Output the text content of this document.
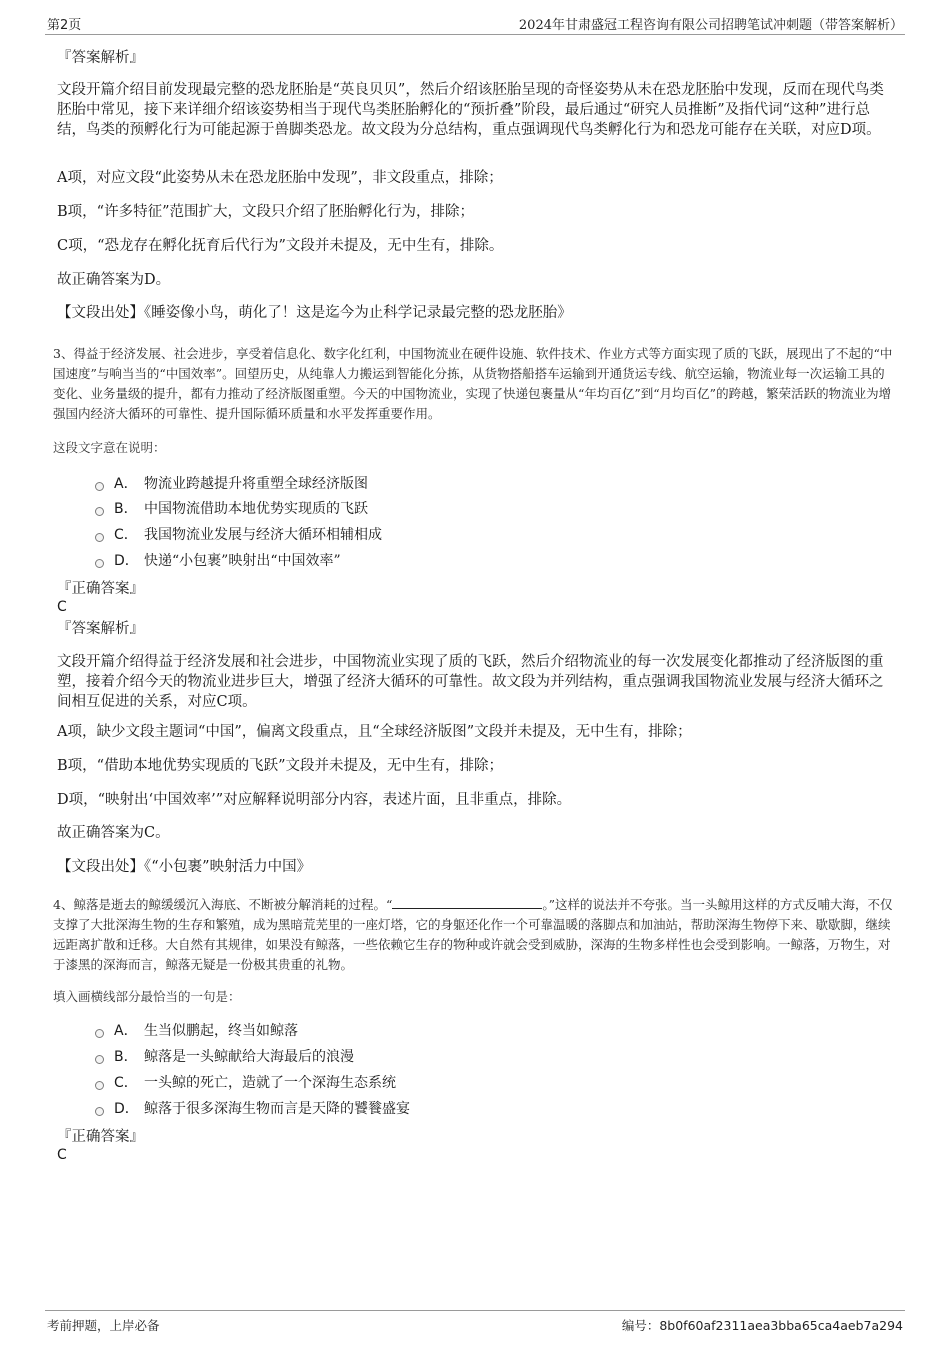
第2页	2024年甘肃盛冠工程咨询有限公司招聘笔试冲刺题（带答案解析）
『答案解析』
文段开篇介绍目前发现最完整的恐龙胚胎是“英良贝贝”，然后介绍该胚胎呈现的奇怪姿势从未在恐龙胚胎中发现，反而在现代鸟类胚胎中常见，接下来详细介绍该姿势相当于现代鸟类胚胎孵化的“预折叠”阶段，最后通过“研究人员推断”及指代词“这种”进行总结，鸟类的预孵化行为可能起源于兽脚类恐龙。故文段为分总结构，重点强调现代鸟类孵化行为和恐龙可能存在关联，对应D项。
A项，对应文段“此姿势从未在恐龙胚胎中发现”，非文段重点，排除；
B项，“许多特征”范围扩大，文段只介绍了胚胎孵化行为，排除；
C项，“恐龙存在孵化抚育后代行为”文段并未提及，无中生有，排除。
故正确答案为D。
【文段出处】《睡姿像小鸟，萌化了！这是迄今为止科学记录最完整的恐龙胚胎》
3、得益于经济发展、社会进步，享受着信息化、数字化红利，中国物流业在硬件设施、软件技术、作业方式等方面实现了质的飞跃，展现出了不起的“中国速度”与响当当的“中国效率”。回望历史，从纯靠人力搬运到智能化分拣，从货物搭船搭车运输到开通货运专线、航空运输，物流业每一次运输工具的变化、业务量级的提升，都有力推动了经济版图重塑。今天的中国物流业，实现了快递包裹量从“年均百亿”到“月均百亿”的跨越，繁荣活跃的物流业为增强国内经济大循环的可靠性、提升国际循环质量和水平发挥重要作用。
这段文字意在说明：
A． 物流业跨越提升将重塑全球经济版图
B． 中国物流借助本地优势实现质的飞跃
C． 我国物流业发展与经济大循环相辅相成
D． 快递“小包裹”映射出“中国效率”
『正确答案』
C
『答案解析』
文段开篇介绍得益于经济发展和社会进步，中国物流业实现了质的飞跃，然后介绍物流业的每一次发展变化都推动了经济版图的重塑，接着介绍今天的物流业进步巨大，增强了经济大循环的可靠性。故文段为并列结构，重点强调我国物流业发展与经济大循环之间相互促进的关系，对应C项。
A项，缺少文段主题词“中国”，偏离文段重点，且“全球经济版图”文段并未提及，无中生有，排除；
B项，“借助本地优势实现质的飞跃”文段并未提及，无中生有，排除；
D项，“映射出‘中国效率’”对应解释说明部分内容，表述片面，且非重点，排除。
故正确答案为C。
【文段出处】《“小包裹”映射活力中国》
4、鲸落是逝去的鲸缓缓沉入海底、不断被分解消耗的过程。“	。”这样的说法并不夸张。当一头鲸用这样的方式反哺大海，不仅支撑了大批深海生物的生存和繁殖，成为黑暗荒芜里的一座灯塔，它的身躯还化作一个可靠温暖的落脚点和加油站，帮助深海生物停下来、歇歇脚，继续远距离扩散和迁移。大自然有其规律，如果没有鲸落，一些依赖它生存的物种或许就会受到威胁，深海的生物多样性也会受到影响。一鲸落，万物生，对于漆黑的深海而言，鲸落无疑是一份极其贵重的礼物。
填入画横线部分最恰当的一句是：
A． 生当似鹏起，终当如鲸落
B． 鲸落是一头鲸献给大海最后的浪漫
C． 一头鲸的死亡，造就了一个深海生态系统
D． 鲸落于很多深海生物而言是天降的饕餮盛宴
『正确答案』
C
考前押题，上岸必备	编号：8b0f60af2311aea3bba65ca4aeb7a294
